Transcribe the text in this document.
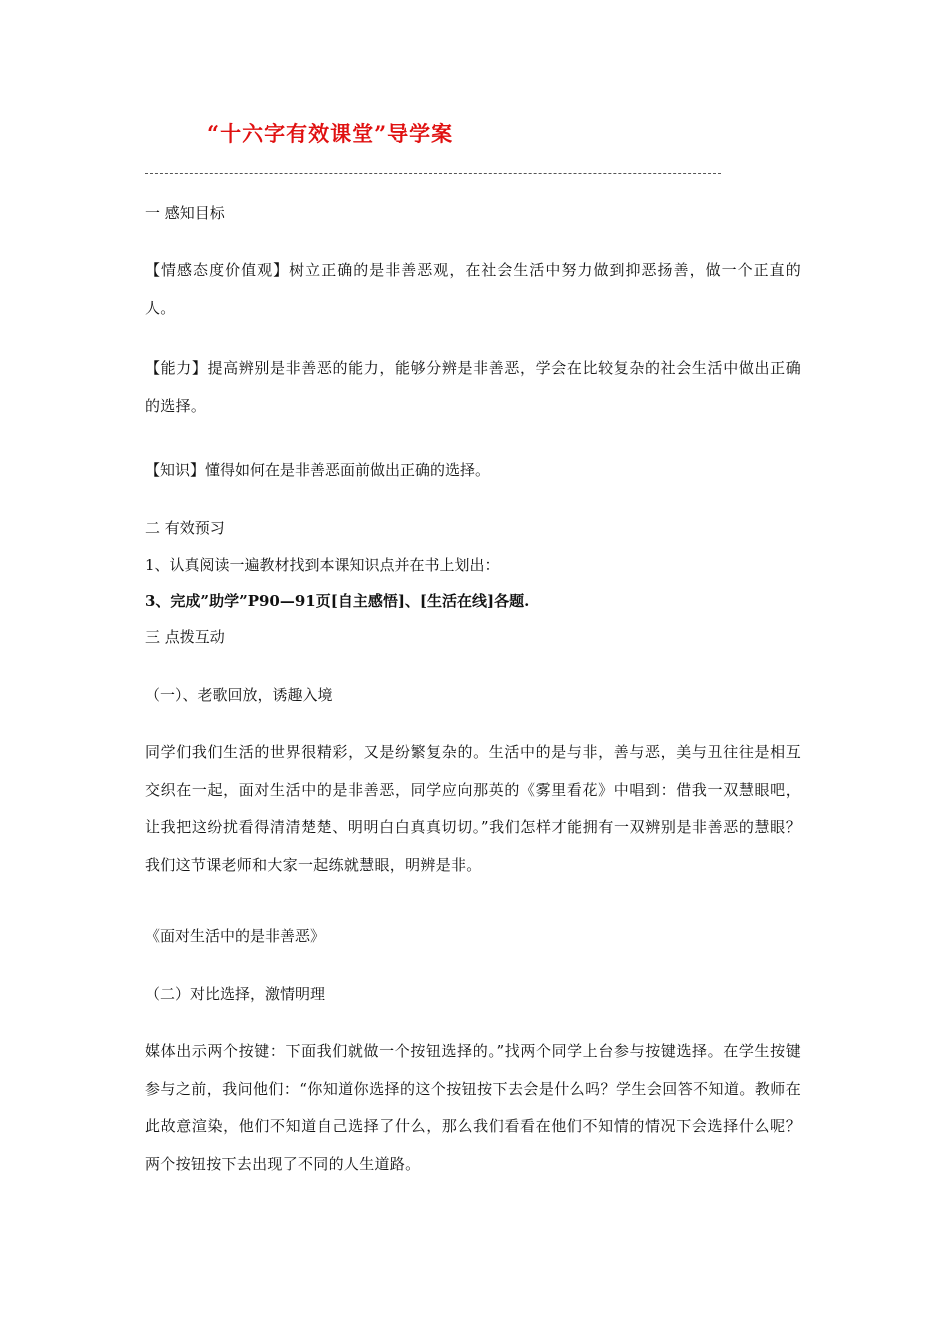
“十六字有效课堂”导学案
一 感知目标
【情感态度价值观】树立正确的是非善恶观，在社会生活中努力做到抑恶扬善，做一个正直的人。
【能力】提高辨别是非善恶的能力，能够分辨是非善恶，学会在比较复杂的社会生活中做出正确的选择。
【知识】懂得如何在是非善恶面前做出正确的选择。
二 有效预习
1、认真阅读一遍教材找到本课知识点并在书上划出：
3、完成”助学”P90—91页[自主感悟]、[生活在线]各题.
三 点拨互动
（一）、老歌回放，诱趣入境
同学们我们生活的世界很精彩，又是纷繁复杂的。生活中的是与非，善与恶，美与丑往往是相互交织在一起，面对生活中的是非善恶，同学应向那英的《雾里看花》中唱到：借我一双慧眼吧，让我把这纷扰看得清清楚楚、明明白白真真切切。”我们怎样才能拥有一双辨别是非善恶的慧眼？我们这节课老师和大家一起练就慧眼，明辨是非。
《面对生活中的是非善恶》
（二）对比选择，激情明理
媒体出示两个按键：下面我们就做一个按钮选择的。”找两个同学上台参与按键选择。在学生按键参与之前，我问他们：“你知道你选择的这个按钮按下去会是什么吗？学生会回答不知道。教师在此故意渲染，他们不知道自己选择了什么，那么我们看看在他们不知情的情况下会选择什么呢？两个按钮按下去出现了不同的人生道路。
